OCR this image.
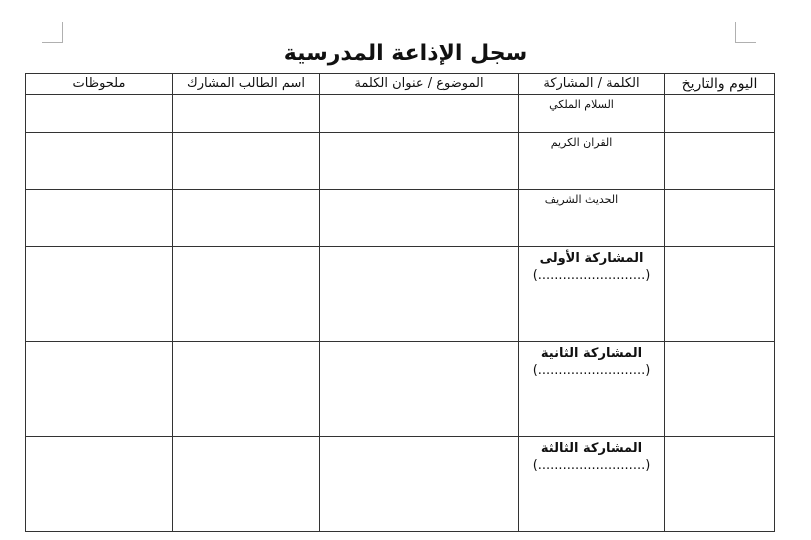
سجل الإذاعة المدرسية
اليوم والتاريخ	الكلمة / المشاركة	الموضوع / عنوان الكلمة	اسم الطالب المشارك	ملحوظات

	السلام الملكي			

	القران الكريم			

	الحديث الشريف			

	المشاركة الأولى
(..........................)			

	المشاركة الثانية
(..........................)			

	المشاركة الثالثة
(..........................)			
